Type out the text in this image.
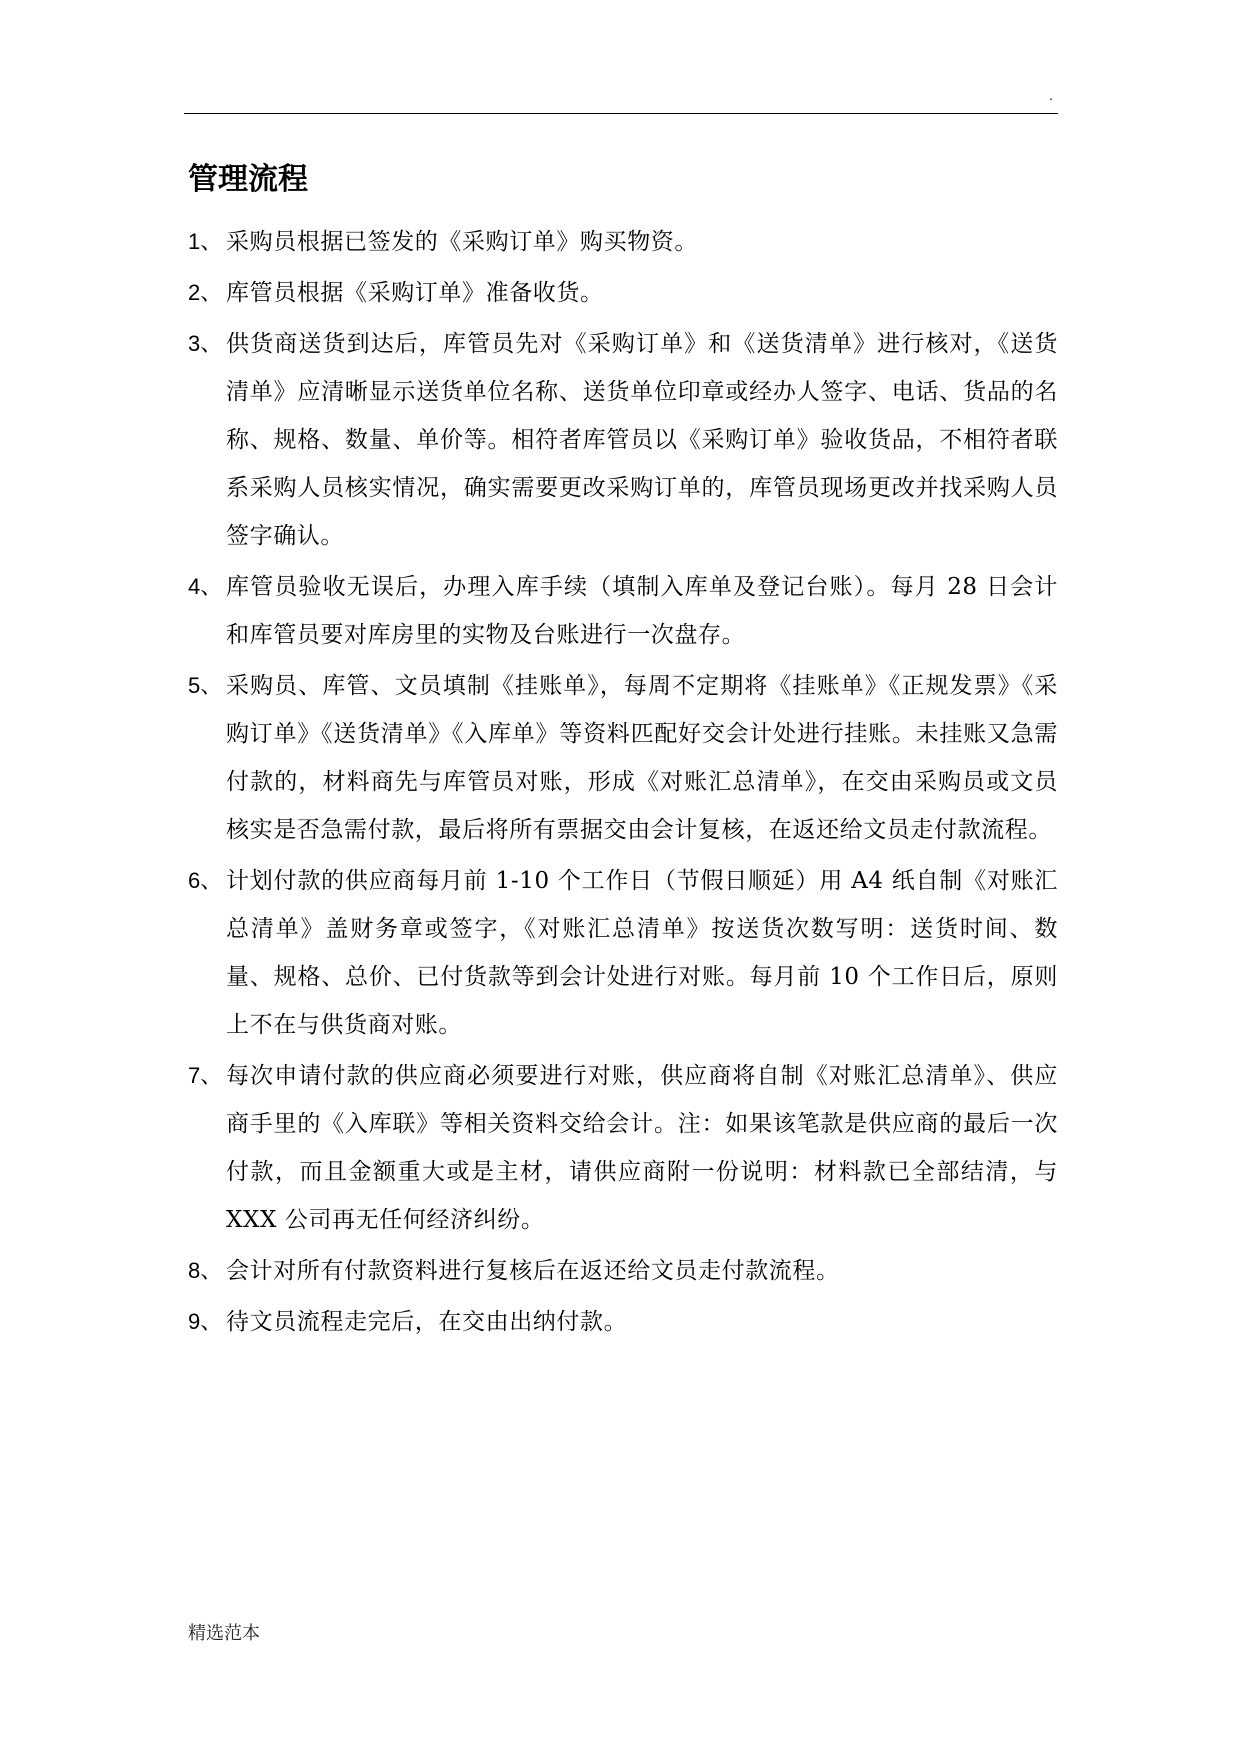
.
管理流程
1、 采购员根据已签发的《采购订单》购买物资。
2、 库管员根据《采购订单》准备收货。
3、 供货商送货到达后，库管员先对《采购订单》和《送货清单》进行核对，《送货清单》应清晰显示送货单位名称、送货单位印章或经办人签字、电话、货品的名称、规格、数量、单价等。相符者库管员以《采购订单》验收货品，不相符者联系采购人员核实情况，确实需要更改采购订单的，库管员现场更改并找采购人员签字确认。
4、 库管员验收无误后，办理入库手续（填制入库单及登记台账）。每月 28 日会计和库管员要对库房里的实物及台账进行一次盘存。
5、 采购员、库管、文员填制《挂账单》，每周不定期将《挂账单》《正规发票》《采购订单》《送货清单》《入库单》等资料匹配好交会计处进行挂账。未挂账又急需付款的，材料商先与库管员对账，形成《对账汇总清单》，在交由采购员或文员核实是否急需付款，最后将所有票据交由会计复核，在返还给文员走付款流程。
6、 计划付款的供应商每月前 1-10 个工作日（节假日顺延）用 A4 纸自制《对账汇总清单》盖财务章或签字，《对账汇总清单》按送货次数写明：送货时间、数量、规格、总价、已付货款等到会计处进行对账。每月前 10 个工作日后，原则上不在与供货商对账。
7、 每次申请付款的供应商必须要进行对账，供应商将自制《对账汇总清单》、供应商手里的《入库联》等相关资料交给会计。注：如果该笔款是供应商的最后一次付款，而且金额重大或是主材，请供应商附一份说明：材料款已全部结清，与 XXX 公司再无任何经济纠纷。
8、 会计对所有付款资料进行复核后在返还给文员走付款流程。
9、 待文员流程走完后，在交由出纳付款。
精选范本
